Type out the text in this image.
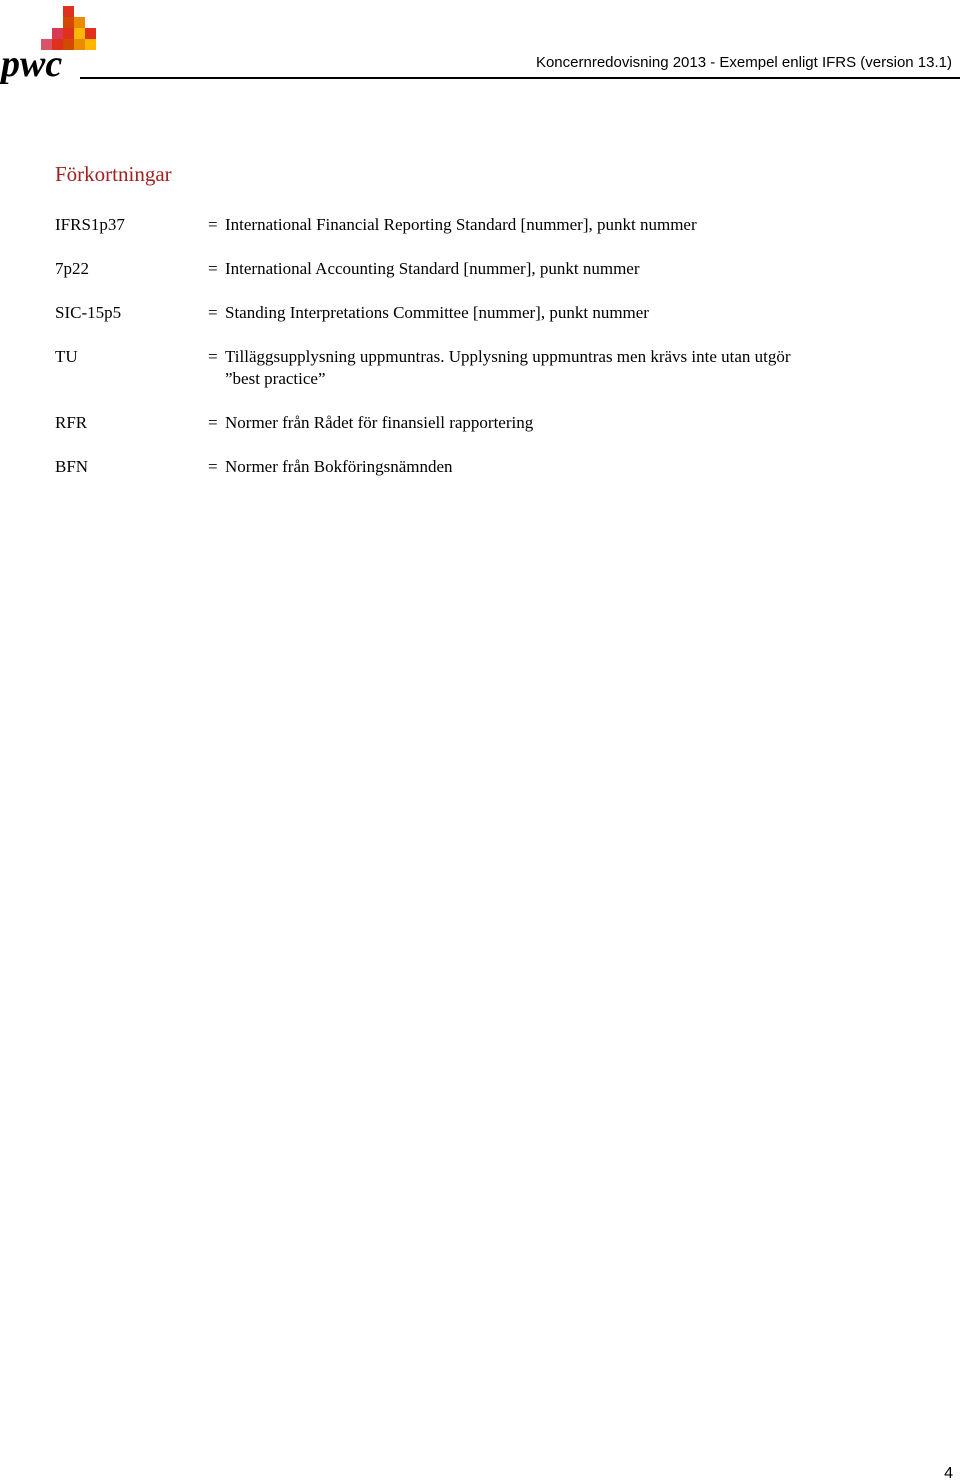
pwc	Koncernredovisning 2013 - Exempel enligt IFRS (version 13.1)
Förkortningar
IFRS1p37	= International Financial Reporting Standard [nummer], punkt nummer
7p22	= International Accounting Standard [nummer], punkt nummer
SIC-15p5	= Standing Interpretations Committee [nummer], punkt nummer
TU	= Tilläggsupplysning uppmuntras. Upplysning uppmuntras men krävs inte utan utgör
”best practice”
RFR	= Normer från Rådet för finansiell rapportering
BFN	= Normer från Bokföringsnämnden
4
